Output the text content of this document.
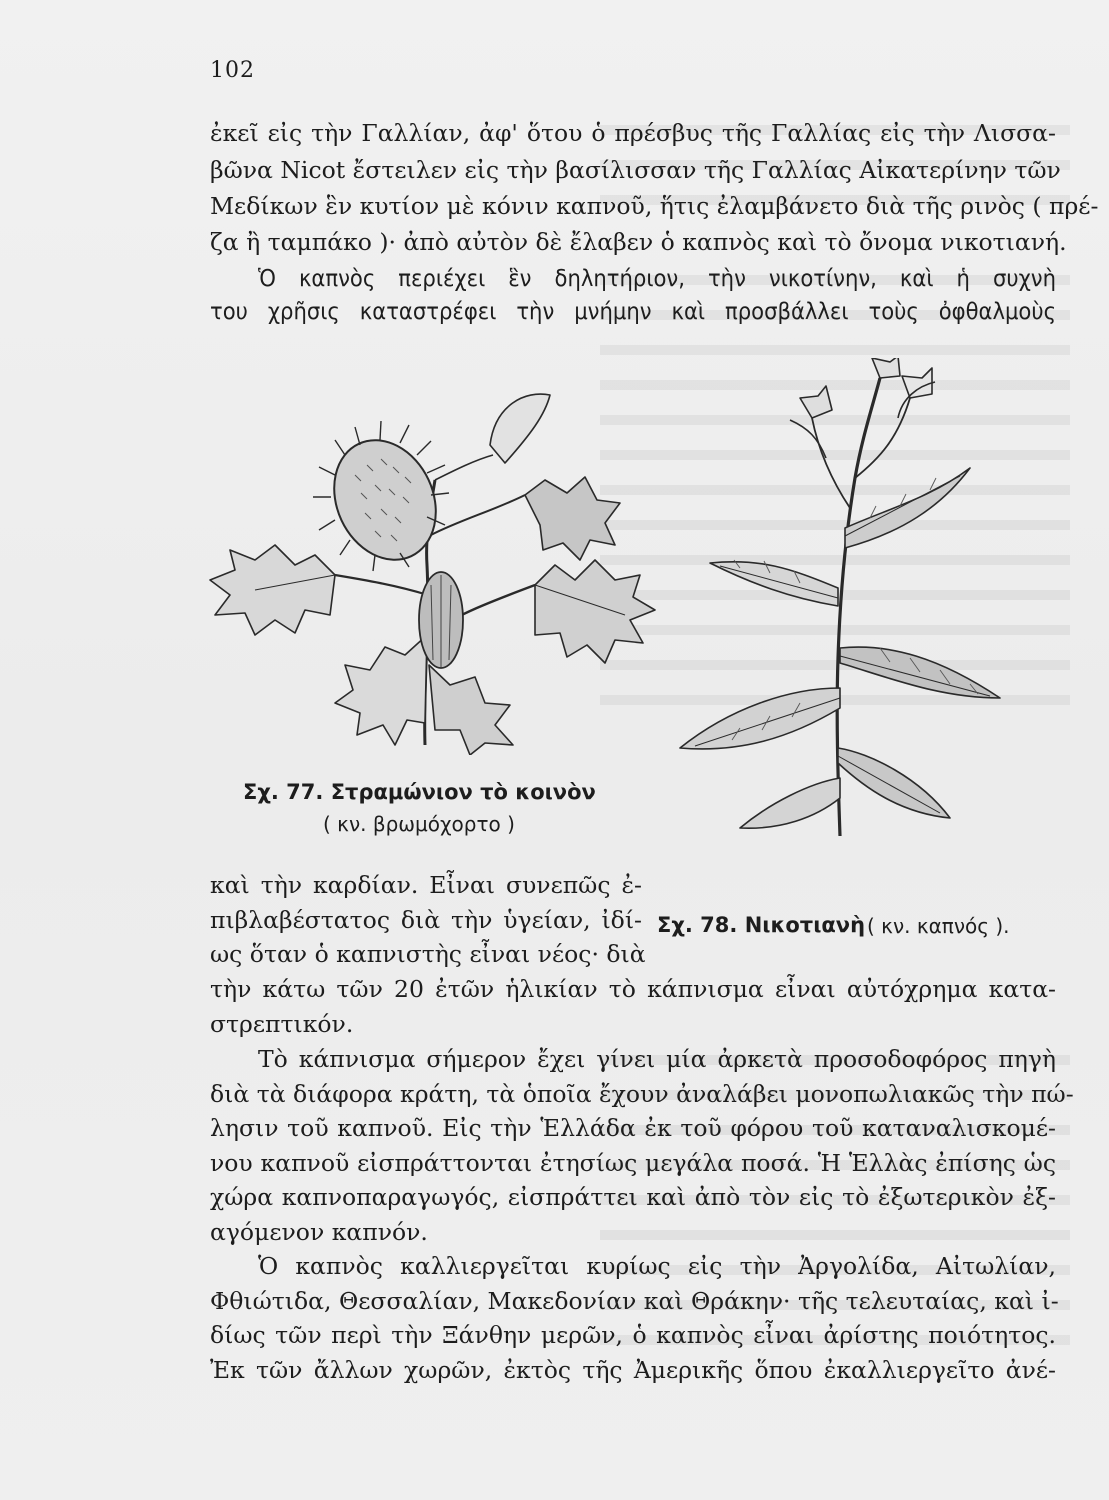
102
ἐκεῖ εἰς τὴν Γαλλίαν, ἀφ' ὅτου ὁ πρέσβυς τῆς Γαλλίας εἰς τὴν Λισσα-
βῶνα Nicot ἔστειλεν εἰς τὴν βασίλισσαν τῆς Γαλλίας Αἰκατερίνην τῶν
Μεδίκων ἓν κυτίον μὲ κόνιν καπνοῦ, ἥτις ἐλαμβάνετο διὰ τῆς ρινὸς ( πρέ-
ζα ἢ ταμπάκο )· ἀπὸ αὐτὸν δὲ ἔλαβεν ὁ καπνὸς καὶ τὸ ὄνομα νικοτιανή.
Ὁ καπνὸς περιέχει ἓν δηλητήριον, τὴν νικοτίνην, καὶ ἡ συχνὴ
του χρῆσις καταστρέφει τὴν μνήμην καὶ προσβάλλει τοὺς ὀφθαλμοὺς
Σχ. 77. Στραμώνιον τὸ κοινὸν
( κν. βρωμόχορτο )
Σχ. 78. Νικοτιανὴ ( κν. καπνός ).
καὶ τὴν καρδίαν. Εἶναι συνεπῶς ἐ-
πιβλαβέστατος διὰ τὴν ὑγείαν, ἰδί-
ως ὅταν ὁ καπνιστὴς εἶναι νέος· διὰ
τὴν κάτω τῶν 20 ἐτῶν ἡλικίαν τὸ κάπνισμα εἶναι αὐτόχρημα κατα-
στρεπτικόν.
Τὸ κάπνισμα σήμερον ἔχει γίνει μία ἀρκετὰ προσοδοφόρος πηγὴ
διὰ τὰ διάφορα κράτη, τὰ ὁποῖα ἔχουν ἀναλάβει μονοπωλιακῶς τὴν πώ-
λησιν τοῦ καπνοῦ. Εἰς τὴν Ἑλλάδα ἐκ τοῦ φόρου τοῦ καταναλισκομέ-
νου καπνοῦ εἰσπράττονται ἐτησίως μεγάλα ποσά. Ἡ Ἑλλὰς ἐπίσης ὡς
χώρα καπνοπαραγωγός, εἰσπράττει καὶ ἀπὸ τὸν εἰς τὸ ἐξωτερικὸν ἐξ-
αγόμενον καπνόν.
Ὁ καπνὸς καλλιεργεῖται κυρίως εἰς τὴν Ἀργολίδα, Αἰτωλίαν,
Φθιώτιδα, Θεσσαλίαν, Μακεδονίαν καὶ Θράκην· τῆς τελευταίας, καὶ ἰ-
δίως τῶν περὶ τὴν Ξάνθην μερῶν, ὁ καπνὸς εἶναι ἀρίστης ποιότητος.
Ἐκ τῶν ἄλλων χωρῶν, ἐκτὸς τῆς Ἀμερικῆς ὅπου ἐκαλλιεργεῖτο ἀνέ-
